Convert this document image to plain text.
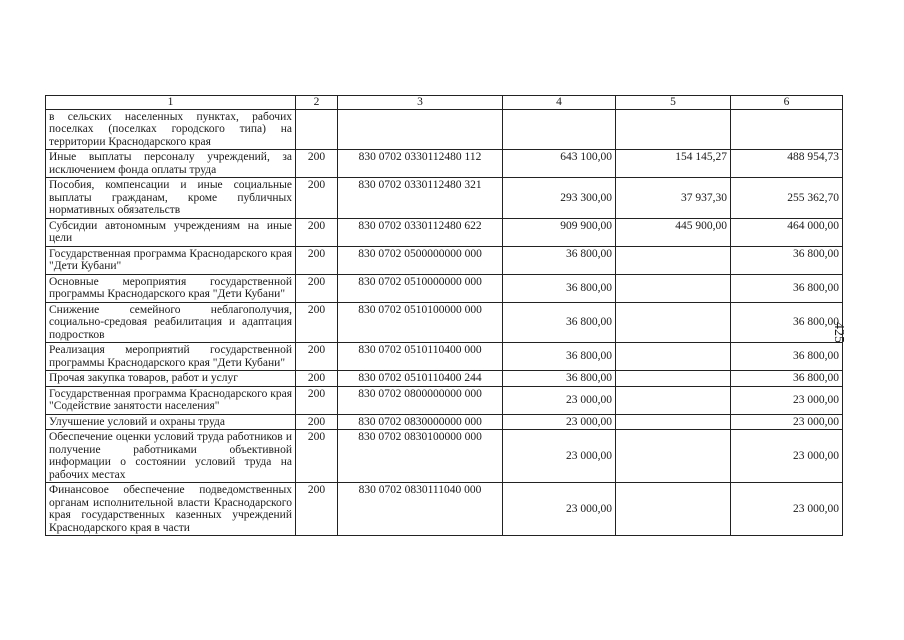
1	2	3	4	5	6
в сельских населенных пунктах, рабочих поселках (поселках городского типа) на территории Краснодарского края					
Иные выплаты персоналу учреждений, за исключением фонда оплаты труда	200	830 0702 0330112480 112	643 100,00	154 145,27	488 954,73
Пособия, компенсации и иные социальные выплаты гражданам, кроме публичных нормативных обязательств	200	830 0702 0330112480 321	293 300,00	37 937,30	255 362,70
Субсидии автономным учреждениям на иные цели	200	830 0702 0330112480 622	909 900,00	445 900,00	464 000,00
Государственная программа Краснодарского края "Дети Кубани"	200	830 0702 0500000000 000	36 800,00		36 800,00
Основные мероприятия государственной программы Краснодарского края "Дети Кубани"	200	830 0702 0510000000 000	36 800,00		36 800,00
Снижение семейного неблагополучия, социально-средовая реабилитация и адаптация подростков	200	830 0702 0510100000 000	36 800,00		36 800,00
Реализация мероприятий государственной программы Краснодарского края "Дети Кубани"	200	830 0702 0510110400 000	36 800,00		36 800,00
Прочая закупка товаров, работ и услуг	200	830 0702 0510110400 244	36 800,00		36 800,00
Государственная программа Краснодарского края "Содействие занятости населения"	200	830 0702 0800000000 000	23 000,00		23 000,00
Улучшение условий и охраны труда	200	830 0702 0830000000 000	23 000,00		23 000,00
Обеспечение оценки условий труда работников и получение работниками объективной информации о состоянии условий труда на рабочих местах	200	830 0702 0830100000 000	23 000,00		23 000,00
Финансовое обеспечение подведомственных органам исполнительной власти Краснодарского края государственных казенных учреждений Краснодарского края в части	200	830 0702 0830111040 000	23 000,00		23 000,00
425
